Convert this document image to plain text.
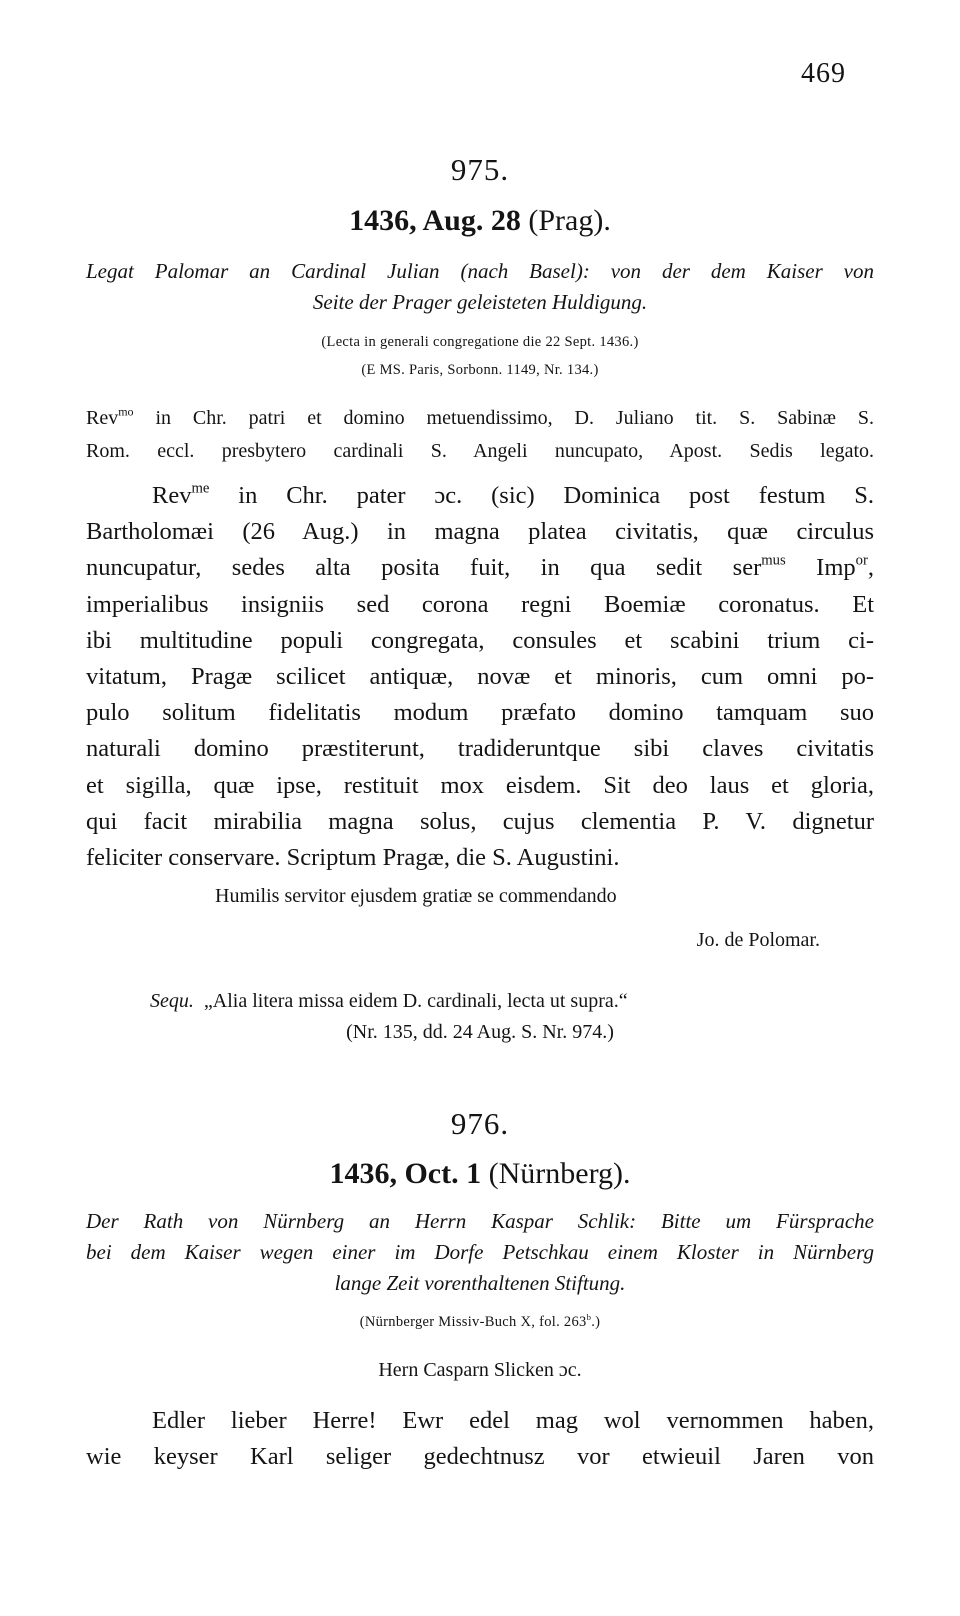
469
975.
1436, Aug. 28 (Prag).
Legat Palomar an Cardinal Julian (nach Basel): von der dem Kaiser von
Seite der Prager geleisteten Huldigung.
(Lecta in generali congregatione die 22 Sept. 1436.)
(E MS. Paris, Sorbonn. 1149, Nr. 134.)
Rev$^{mo}$ in Chr. patri et domino metuendissimo, D. Juliano tit. S. Sabinæ S.
Rom. eccl. presbytero cardinali S. Angeli nuncupato, Apost. Sedis legato.
Rev$^{me}$ in Chr. pater ɔc. (sic) Dominica post festum S.
Bartholomæi (26 Aug.) in magna platea civitatis, quæ circulus
nuncupatur, sedes alta posita fuit, in qua sedit ser$^{mus}$ Imp$^{or}$,
imperialibus insigniis sed corona regni Boemiæ coronatus. Et
ibi multitudine populi congregata, consules et scabini trium ci-
vitatum, Pragæ scilicet antiquæ, novæ et minoris, cum omni po-
pulo solitum fidelitatis modum præfato domino tamquam suo
naturali domino præstiterunt, tradideruntque sibi claves civitatis
et sigilla, quæ ipse, restituit mox eisdem. Sit deo laus et gloria,
qui facit mirabilia magna solus, cujus clementia P. V. dignetur
feliciter conservare. Scriptum Pragæ, die S. Augustini.
Humilis servitor ejusdem gratiæ se commendando
Jo. de Polomar.
Sequ. „Alia litera missa eidem D. cardinali, lecta ut supra.“
(Nr. 135, dd. 24 Aug. S. Nr. 974.)
976.
1436, Oct. 1 (Nürnberg).
Der Rath von Nürnberg an Herrn Kaspar Schlik: Bitte um Fürsprache
bei dem Kaiser wegen einer im Dorfe Petschkau einem Kloster in Nürnberg
lange Zeit vorenthaltenen Stiftung.
(Nürnberger Missiv-Buch X, fol. 263$^b$.)
Hern Casparn Slicken ɔc.
Edler lieber Herre! Ewr edel mag wol vernommen haben,
wie keyser Karl seliger gedechtnusz vor etwieuil Jaren von
